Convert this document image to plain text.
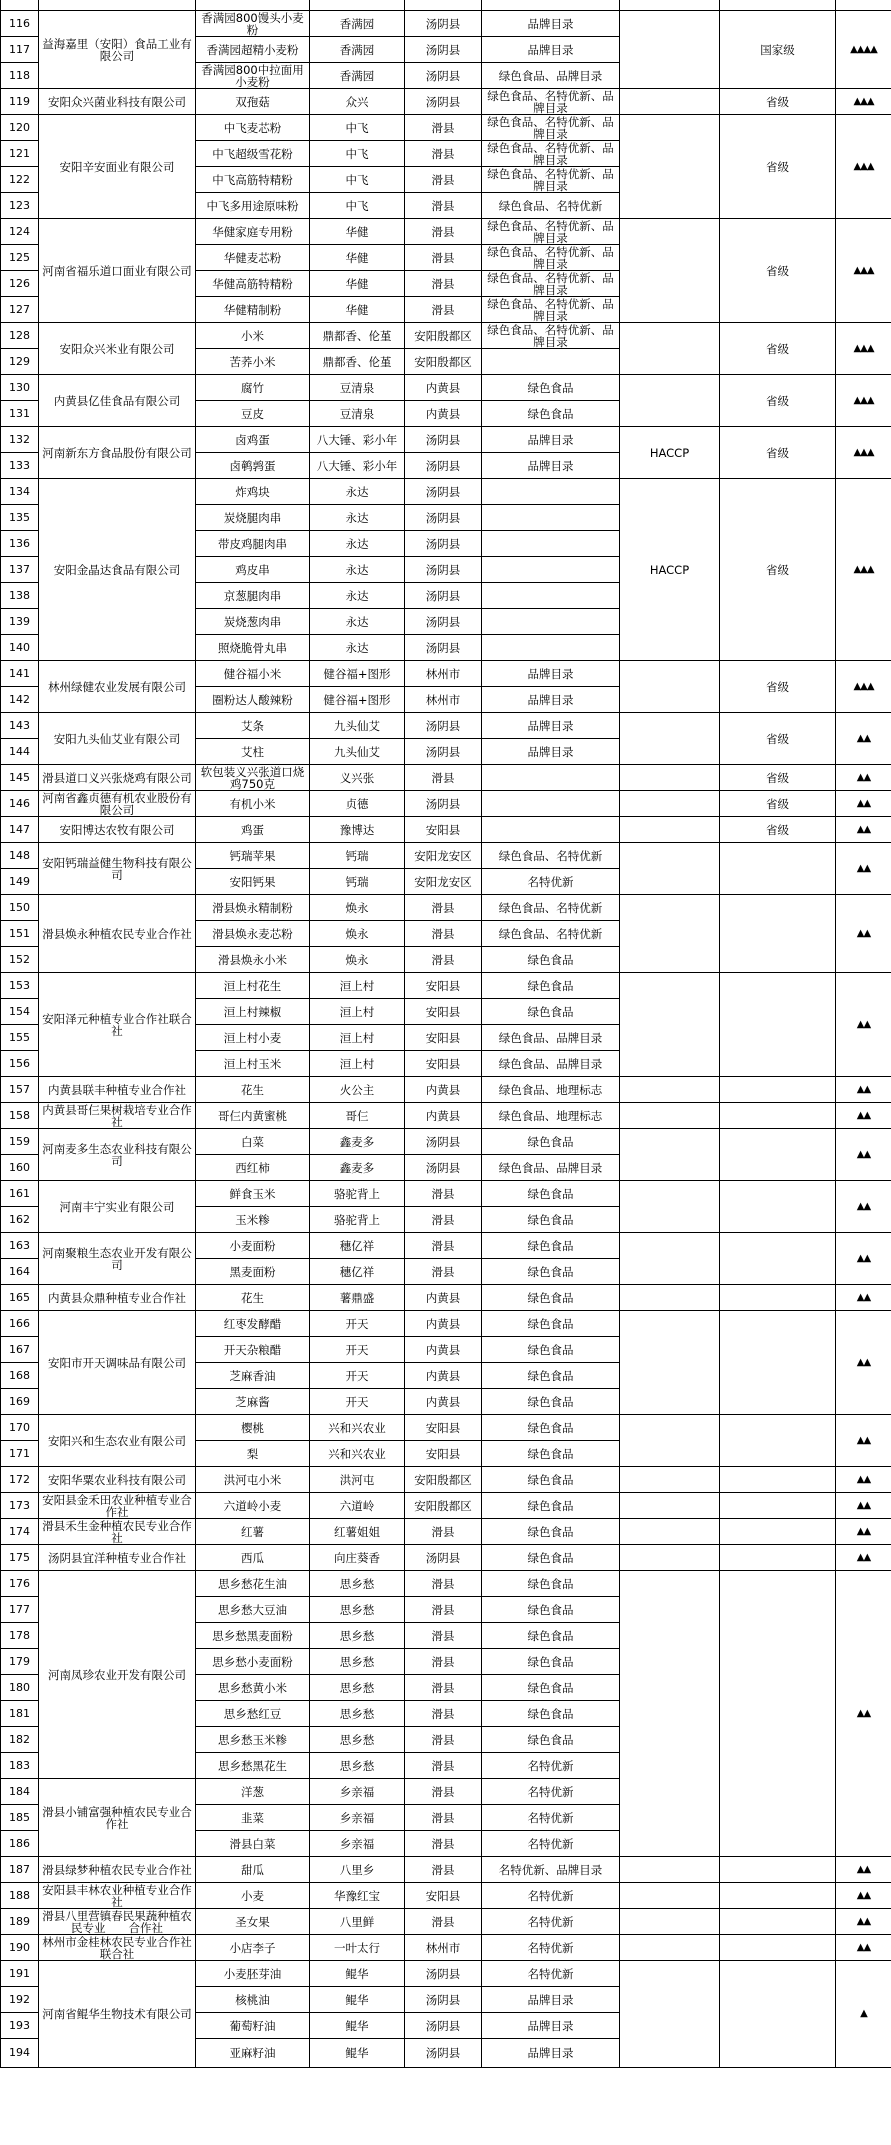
116	益海嘉里（安阳）食品工业有限公司	香满园800馒头小麦粉	香满园	汤阴县	品牌目录		国家级	▲▲▲▲
117		香满园超精小麦粉	香满园	汤阴县	品牌目录			
118		香满园800中拉面用小麦粉	香满园	汤阴县	绿色食品、品牌目录			
119	安阳众兴菌业科技有限公司	双孢菇	众兴	汤阴县	绿色食品、名特优新、品牌目录		省级	▲▲▲
120	安阳辛安面业有限公司	中飞麦芯粉	中飞	滑县	绿色食品、名特优新、品牌目录		省级	▲▲▲
121		中飞超级雪花粉	中飞	滑县	绿色食品、名特优新、品牌目录			
122		中飞高筋特精粉	中飞	滑县	绿色食品、名特优新、品牌目录			
123		中飞多用途原味粉	中飞	滑县	绿色食品、名特优新			
124	河南省福乐道口面业有限公司	华健家庭专用粉	华健	滑县	绿色食品、名特优新、品牌目录		省级	▲▲▲
125		华健麦芯粉	华健	滑县	绿色食品、名特优新、品牌目录			
126		华健高筋特精粉	华健	滑县	绿色食品、名特优新、品牌目录			
127		华健精制粉	华健	滑县	绿色食品、名特优新、品牌目录			
128	安阳众兴米业有限公司	小米	鼎都香、伦堇	安阳殷都区	绿色食品、名特优新、品牌目录		省级	▲▲▲
129		苦荞小米	鼎都香、伦堇	安阳殷都区				
130	内黄县亿佳食品有限公司	腐竹	豆清泉	内黄县	绿色食品		省级	▲▲▲
131		豆皮	豆清泉	内黄县	绿色食品			
132	河南新东方食品股份有限公司	卤鸡蛋	八大锤、彩小年	汤阴县	品牌目录	HACCP	省级	▲▲▲
133		卤鹌鹑蛋	八大锤、彩小年	汤阴县	品牌目录			
134	安阳金晶达食品有限公司	炸鸡块	永达	汤阴县		HACCP	省级	▲▲▲
135		炭烧腿肉串	永达	汤阴县				
136		带皮鸡腿肉串	永达	汤阴县				
137		鸡皮串	永达	汤阴县				
138		京葱腿肉串	永达	汤阴县				
139		炭烧葱肉串	永达	汤阴县				
140		照烧脆骨丸串	永达	汤阴县				
141	林州绿健农业发展有限公司	健谷福小米	健谷福+图形	林州市	品牌目录		省级	▲▲▲
142		圈粉达人酸辣粉	健谷福+图形	林州市	品牌目录			
143	安阳九头仙艾业有限公司	艾条	九头仙艾	汤阴县	品牌目录		省级	▲▲
144		艾柱	九头仙艾	汤阴县	品牌目录			
145	滑县道口义兴张烧鸡有限公司	软包装义兴张道口烧鸡750克	义兴张	滑县			省级	▲▲
146	河南省鑫贞德有机农业股份有限公司	有机小米	贞德	汤阴县			省级	▲▲
147	安阳博达农牧有限公司	鸡蛋	豫博达	安阳县			省级	▲▲
148	安阳钙瑞益健生物科技有限公司	钙瑞苹果	钙瑞	安阳龙安区	绿色食品、名特优新			▲▲
149		安阳钙果	钙瑞	安阳龙安区	名特优新			
150	滑县焕永种植农民专业合作社	滑县焕永精制粉	焕永	滑县	绿色食品、名特优新			▲▲
151		滑县焕永麦芯粉	焕永	滑县	绿色食品、名特优新			
152		滑县焕永小米	焕永	滑县	绿色食品			
153	安阳泽元种植专业合作社联合社	洹上村花生	洹上村	安阳县	绿色食品			▲▲
154		洹上村辣椒	洹上村	安阳县	绿色食品			
155		洹上村小麦	洹上村	安阳县	绿色食品、品牌目录			
156		洹上村玉米	洹上村	安阳县	绿色食品、品牌目录			
157	内黄县联丰种植专业合作社	花生	火公主	内黄县	绿色食品、地理标志			▲▲
158	内黄县哥仨果树栽培专业合作社	哥仨内黄蜜桃	哥仨	内黄县	绿色食品、地理标志			▲▲
159	河南麦多生态农业科技有限公司	白菜	鑫麦多	汤阴县	绿色食品			▲▲
160		西红柿	鑫麦多	汤阴县	绿色食品、品牌目录			
161	河南丰宁实业有限公司	鲜食玉米	骆驼背上	滑县	绿色食品			▲▲
162		玉米糁	骆驼背上	滑县	绿色食品			
163	河南聚粮生态农业开发有限公司	小麦面粉	穗亿祥	滑县	绿色食品			▲▲
164		黑麦面粉	穗亿祥	滑县	绿色食品			
165	内黄县众鼎种植专业合作社	花生	薯鼎盛	内黄县	绿色食品			▲▲
166	安阳市开天调味品有限公司	红枣发酵醋	开天	内黄县	绿色食品			▲▲
167		开天杂粮醋	开天	内黄县	绿色食品			
168		芝麻香油	开天	内黄县	绿色食品			
169		芝麻酱	开天	内黄县	绿色食品			
170	安阳兴和生态农业有限公司	樱桃	兴和兴农业	安阳县	绿色食品			▲▲
171		梨	兴和兴农业	安阳县	绿色食品			
172	安阳华粟农业科技有限公司	洪河屯小米	洪河屯	安阳殷都区	绿色食品			▲▲
173	安阳县金禾田农业种植专业合作社	六道岭小麦	六道岭	安阳殷都区	绿色食品			▲▲
174	滑县禾生金种植农民专业合作社	红薯	红薯姐姐	滑县	绿色食品			▲▲
175	汤阴县宜洋种植专业合作社	西瓜	向庄葵香	汤阴县	绿色食品			▲▲
176	河南凤珍农业开发有限公司	思乡愁花生油	思乡愁	滑县	绿色食品			▲▲
177		思乡愁大豆油	思乡愁	滑县	绿色食品			
178		思乡愁黑麦面粉	思乡愁	滑县	绿色食品			
179		思乡愁小麦面粉	思乡愁	滑县	绿色食品			
180		思乡愁黄小米	思乡愁	滑县	绿色食品			
181		思乡愁红豆	思乡愁	滑县	绿色食品			
182		思乡愁玉米糁	思乡愁	滑县	绿色食品			
183		思乡愁黑花生	思乡愁	滑县	名特优新			
184	滑县小铺富强种植农民专业合作社	洋葱	乡亲福	滑县	名特优新			
185		韭菜	乡亲福	滑县	名特优新			
186		滑县白菜	乡亲福	滑县	名特优新			
187	滑县绿梦种植农民专业合作社	甜瓜	八里乡	滑县	名特优新、品牌目录			▲▲
188	安阳县丰林农业种植专业合作社	小麦	华豫红宝	安阳县	名特优新			▲▲
189	滑县八里营镇春民果蔬种植农民专业　　合作社	圣女果	八里鲜	滑县	名特优新			▲▲
190	林州市金桂林农民专业合作社联合社	小店李子	一叶太行	林州市	名特优新			▲▲
191	河南省鲲华生物技术有限公司	小麦胚芽油	鲲华	汤阴县	名特优新			▲
192		核桃油	鲲华	汤阴县	品牌目录			
193		葡萄籽油	鲲华	汤阴县	品牌目录			
194		亚麻籽油	鲲华	汤阴县	品牌目录			
